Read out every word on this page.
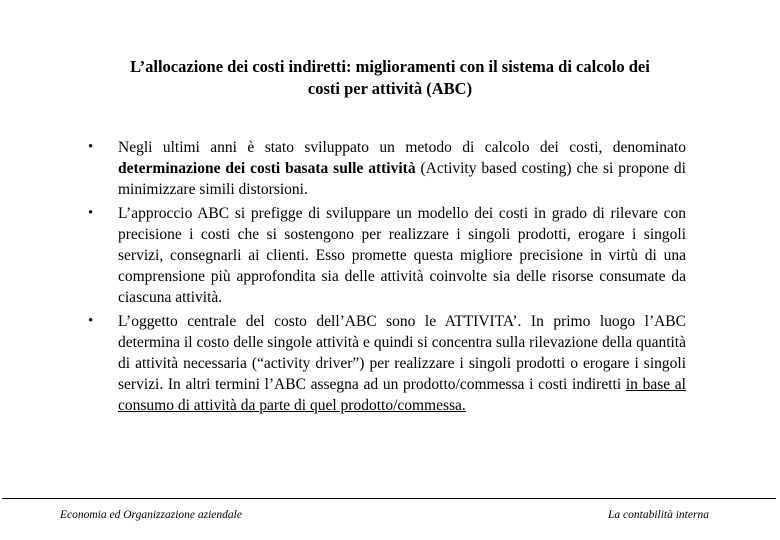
L’allocazione dei costi indiretti: miglioramenti con il sistema di calcolo dei
costi per attività (ABC)
• Negli ultimi anni è stato sviluppato un metodo di calcolo dei costi, denominato determinazione dei costi basata sulle attività (Activity based costing) che si propone di minimizzare simili distorsioni.
• L’approccio ABC si prefigge di sviluppare un modello dei costi in grado di rilevare con precisione i costi che si sostengono per realizzare i singoli prodotti, erogare i singoli servizi, consegnarli ai clienti. Esso promette questa migliore precisione in virtù di una comprensione più approfondita sia delle attività coinvolte sia delle risorse consumate da ciascuna attività.
• L’oggetto centrale del costo dell’ABC sono le ATTIVITA’. In primo luogo l’ABC determina il costo delle singole attività e quindi si concentra sulla rilevazione della quantità di attività necessaria (“activity driver”) per realizzare i singoli prodotti o erogare i singoli servizi. In altri termini l’ABC assegna ad un prodotto/commessa i costi indiretti in base al consumo di attività da parte di quel prodotto/commessa.
Economia ed Organizzazione aziendale	La contabilità interna
